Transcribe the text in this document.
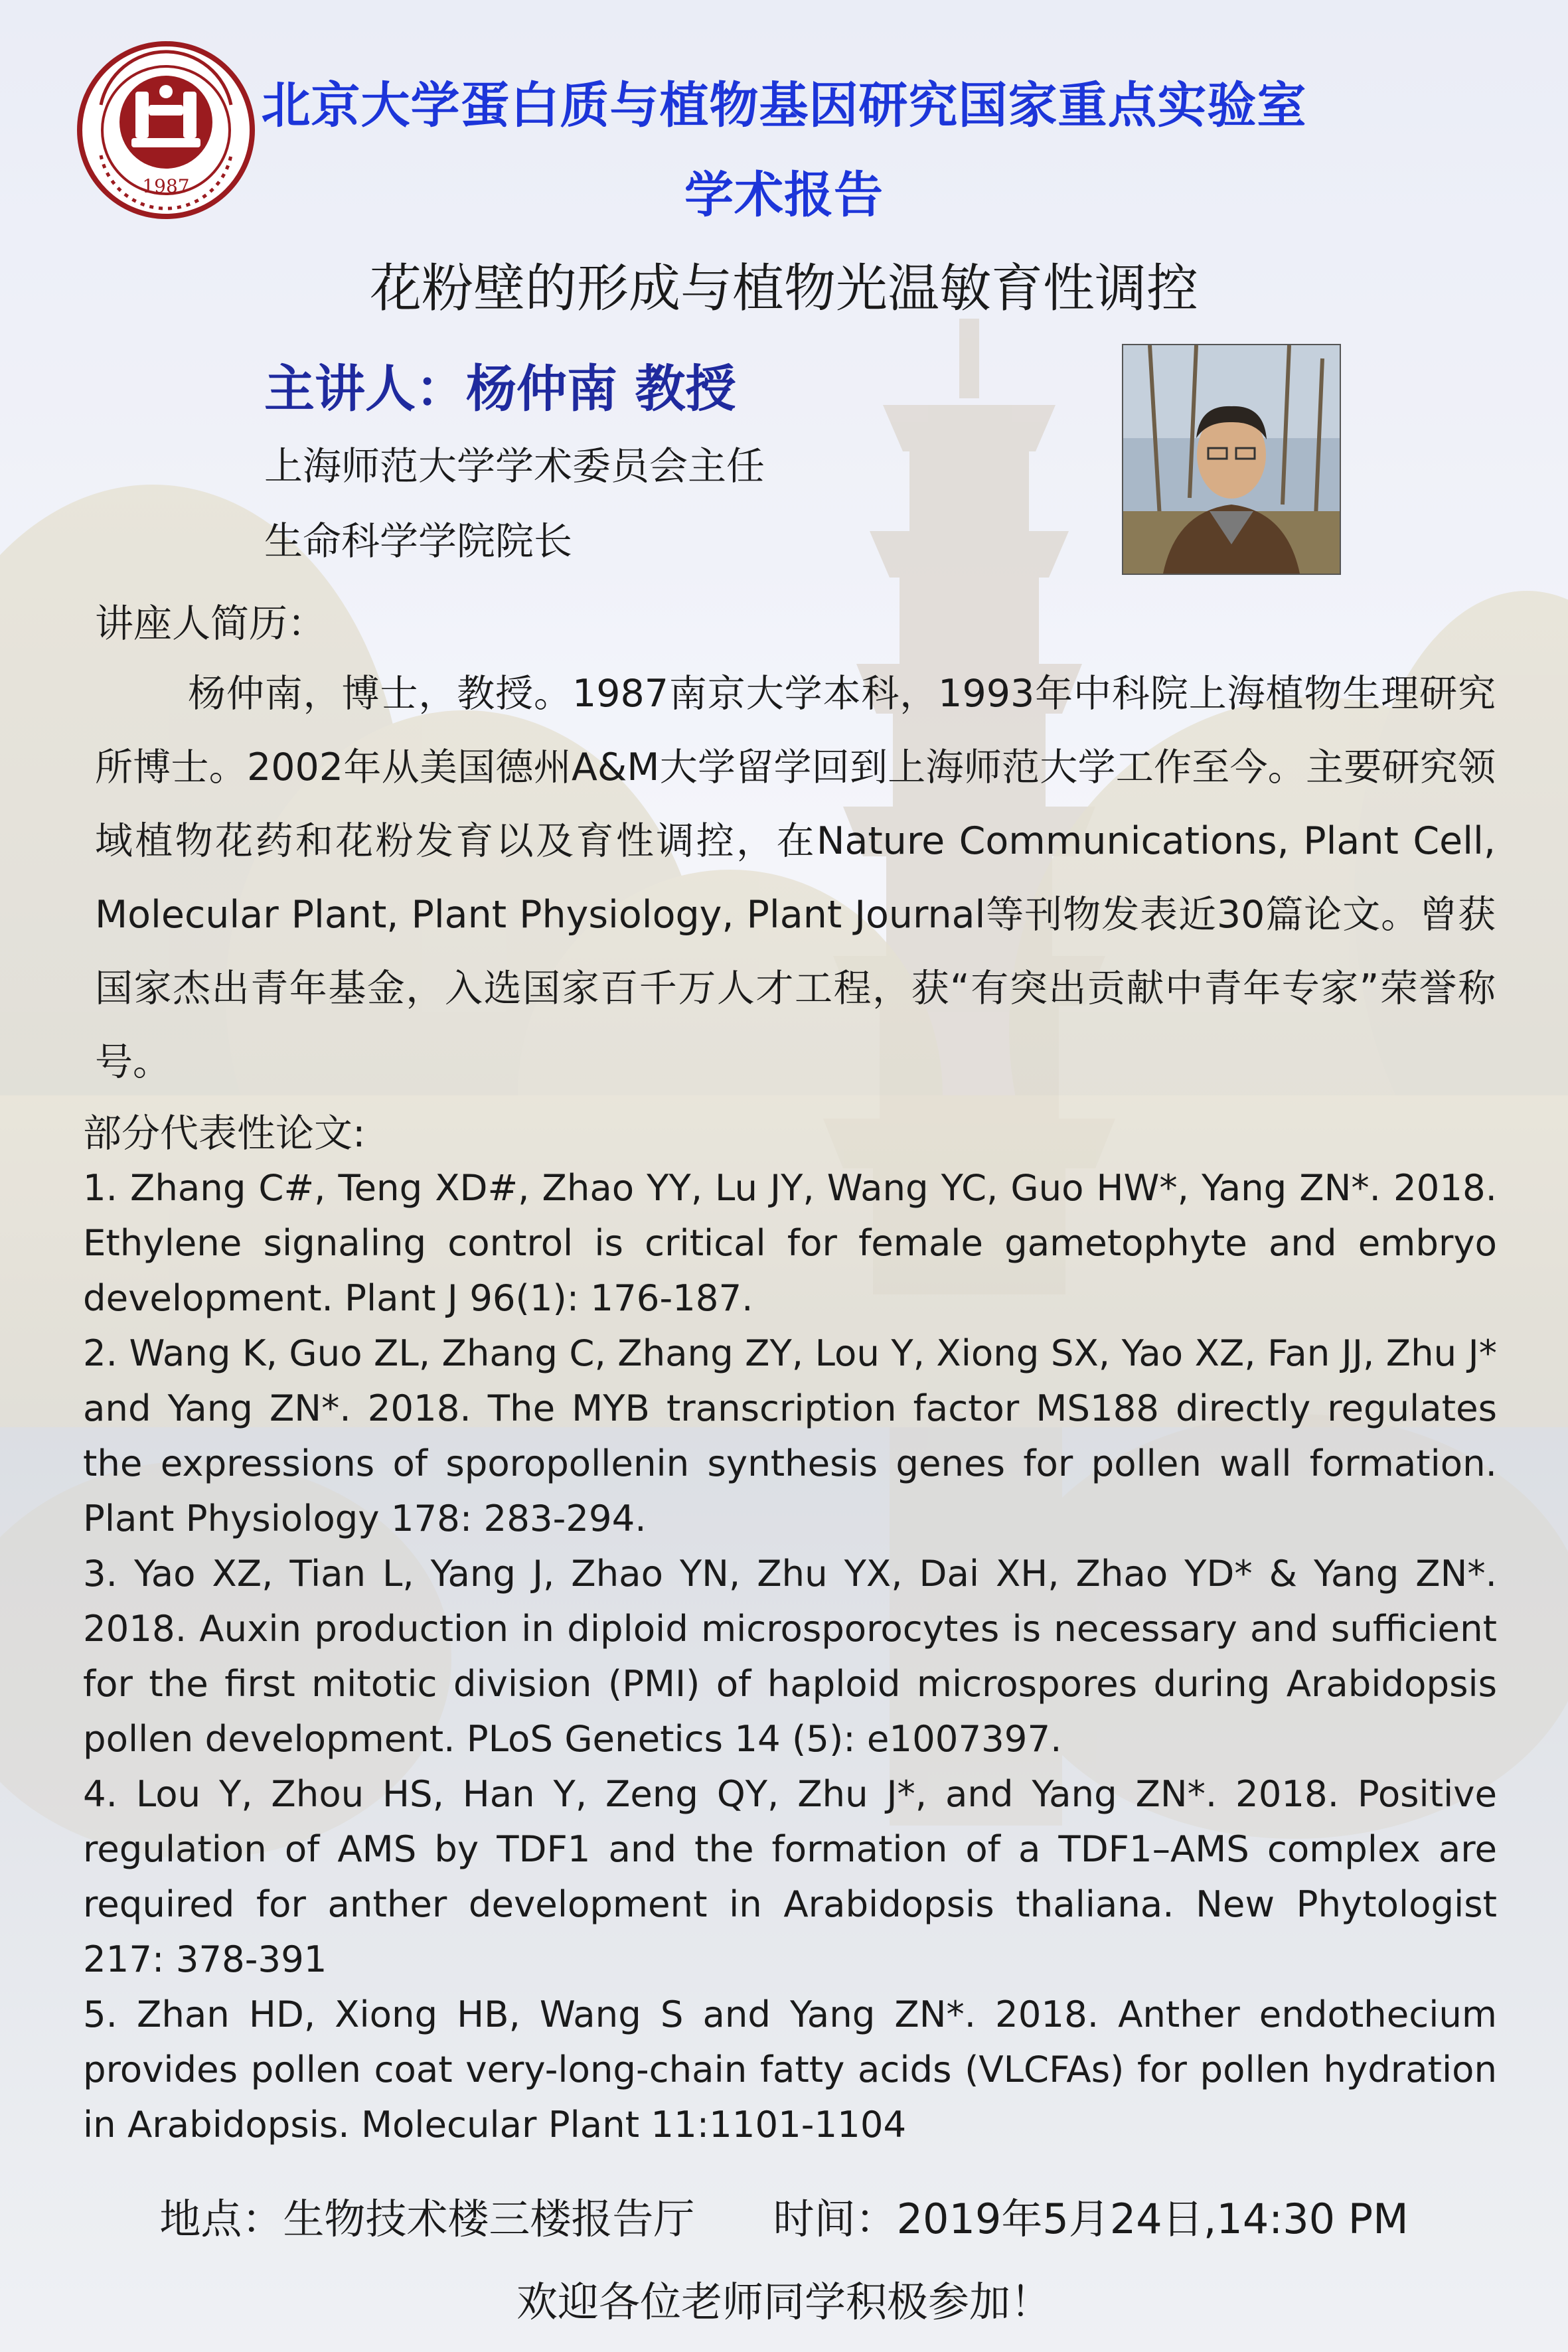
1987
北京大学蛋白质与植物基因研究国家重点实验室
学术报告
花粉壁的形成与植物光温敏育性调控
主讲人：杨仲南 教授
上海师范大学学术委员会主任
生命科学学院院长
讲座人简历：
杨仲南，博士，教授。1987南京大学本科，1993年中科院上海植物生理研究所博士。2002年从美国德州A&M大学留学回到上海师范大学工作至今。主要研究领域植物花药和花粉发育以及育性调控，在Nature Communications, Plant Cell, Molecular Plant, Plant Physiology, Plant Journal等刊物发表近30篇论文。曾获国家杰出青年基金，入选国家百千万人才工程，获“有突出贡献中青年专家”荣誉称号。
部分代表性论文:

1. Zhang C#, Teng XD#, Zhao YY, Lu JY, Wang YC, Guo HW*, Yang ZN*. 2018. Ethylene signaling control is critical for female gametophyte and embryo development. Plant J 96(1): 176-187.

2. Wang K, Guo ZL, Zhang C, Zhang ZY, Lou Y, Xiong SX, Yao XZ, Fan JJ, Zhu J* and Yang ZN*. 2018. The MYB transcription factor MS188 directly regulates the expressions of sporopollenin synthesis genes for pollen wall formation. Plant Physiology 178: 283-294.

3. Yao XZ, Tian L, Yang J, Zhao YN, Zhu YX, Dai XH, Zhao YD* & Yang ZN*. 2018. Auxin production in diploid microsporocytes is necessary and sufficient for the first mitotic division (PMI) of haploid microspores during Arabidopsis pollen development. PLoS Genetics 14 (5): e1007397.

4. Lou Y, Zhou HS, Han Y, Zeng QY, Zhu J*, and Yang ZN*. 2018. Positive regulation of AMS by TDF1 and the formation of a TDF1–AMS complex are required for anther development in Arabidopsis thaliana. New Phytologist 217: 378-391

5. Zhan HD, Xiong HB, Wang S and Yang ZN*. 2018. Anther endothecium provides pollen coat very-long-chain fatty acids (VLCFAs) for pollen hydration in Arabidopsis. Molecular Plant 11:1101-1104

地点：生物技术楼三楼报告厅 时间：2019年5月24日,14:30 PM
欢迎各位老师同学积极参加！
